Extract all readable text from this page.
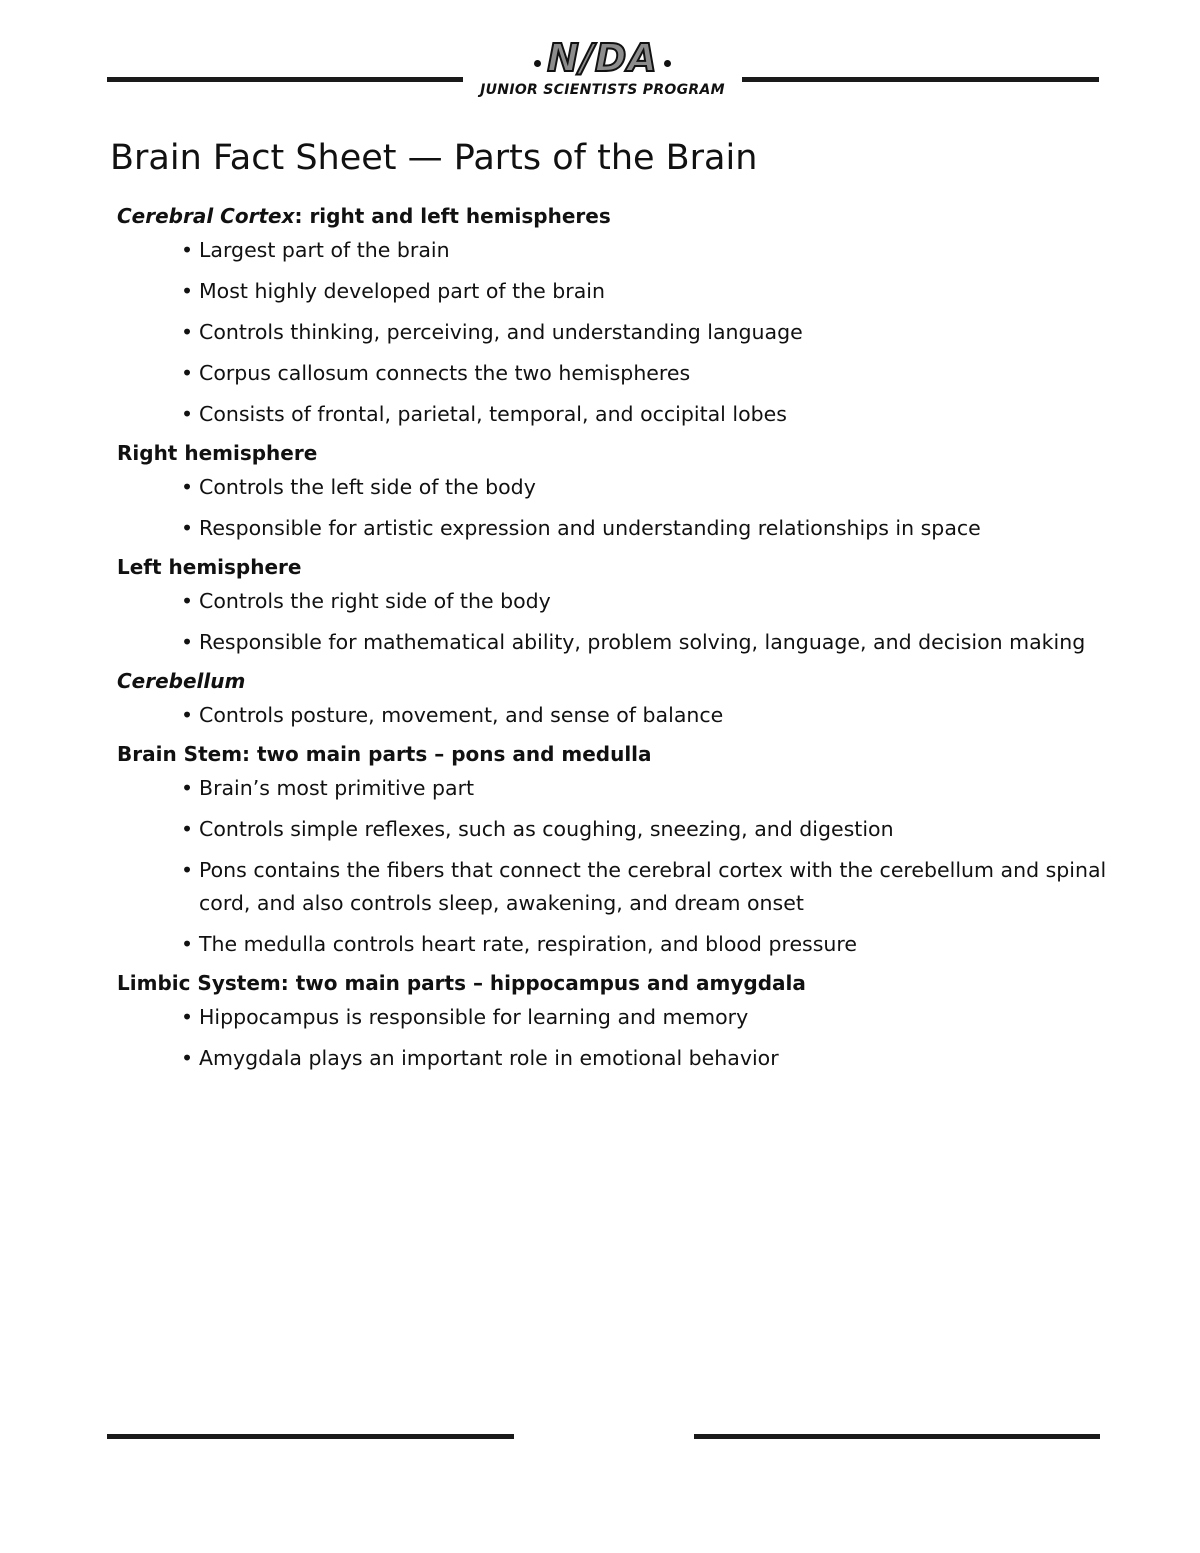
N/DA
JUNIOR SCIENTISTS PROGRAM
Brain Fact Sheet — Parts of the Brain

Cerebral Cortex: right and left hemispheres

• Largest part of the brain
• Most highly developed part of the brain
• Controls thinking, perceiving, and understanding language
• Corpus callosum connects the two hemispheres
• Consists of frontal, parietal, temporal, and occipital lobes

Right hemisphere

• Controls the left side of the body
• Responsible for artistic expression and understanding relationships in space

Left hemisphere

• Controls the right side of the body
• Responsible for mathematical ability, problem solving, language, and decision making

Cerebellum

• Controls posture, movement, and sense of balance

Brain Stem: two main parts – pons and medulla

• Brain’s most primitive part
• Controls simple reflexes, such as coughing, sneezing, and digestion
• Pons contains the fibers that connect the cerebral cortex with the cerebellum and spinal cord, and also controls sleep, awakening, and dream onset
• The medulla controls heart rate, respiration, and blood pressure

Limbic System: two main parts – hippocampus and amygdala

• Hippocampus is responsible for learning and memory
• Amygdala plays an important role in emotional behavior
